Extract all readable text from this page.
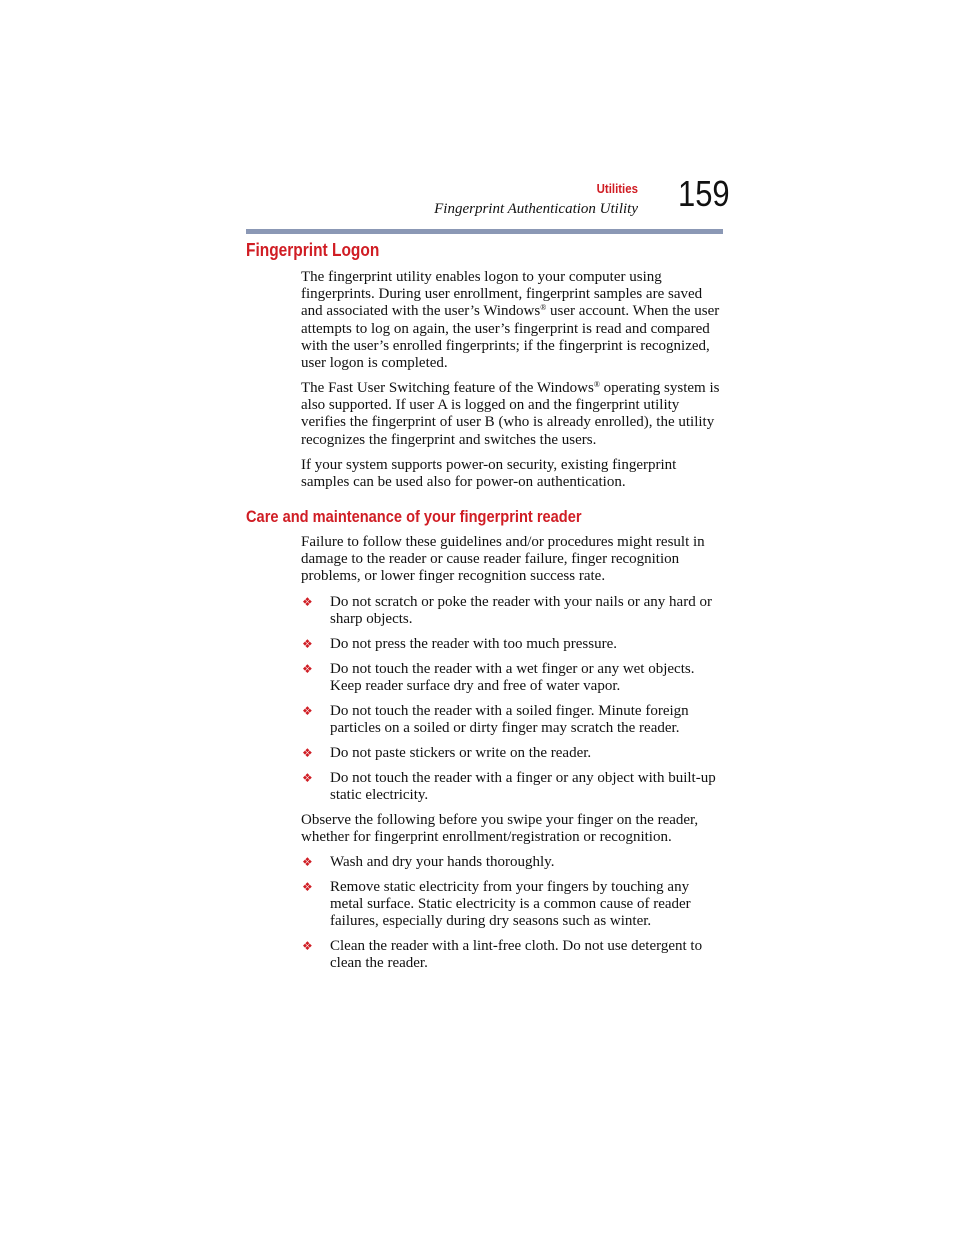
Utilities
Fingerprint Authentication Utility 159
Fingerprint Logon

The fingerprint utility enables logon to your computer using fingerprints. During user enrollment, fingerprint samples are saved and associated with the user’s Windows® user account. When the user attempts to log on again, the user’s fingerprint is read and compared with the user’s enrolled fingerprints; if the fingerprint is recognized, user logon is completed.

The Fast User Switching feature of the Windows® operating system is also supported. If user A is logged on and the fingerprint utility verifies the fingerprint of user B (who is already enrolled), the utility recognizes the fingerprint and switches the users.

If your system supports power-on security, existing fingerprint samples can be used also for power-on authentication.

Care and maintenance of your fingerprint reader

Failure to follow these guidelines and/or procedures might result in damage to the reader or cause reader failure, finger recognition problems, or lower finger recognition success rate.

❖ Do not scratch or poke the reader with your nails or any hard or sharp objects.
❖ Do not press the reader with too much pressure.
❖ Do not touch the reader with a wet finger or any wet objects. Keep reader surface dry and free of water vapor.
❖ Do not touch the reader with a soiled finger. Minute foreign particles on a soiled or dirty finger may scratch the reader.
❖ Do not paste stickers or write on the reader.
❖ Do not touch the reader with a finger or any object with built-up static electricity.

Observe the following before you swipe your finger on the reader, whether for fingerprint enrollment/registration or recognition.

❖ Wash and dry your hands thoroughly.
❖ Remove static electricity from your fingers by touching any metal surface. Static electricity is a common cause of reader failures, especially during dry seasons such as winter.
❖ Clean the reader with a lint-free cloth. Do not use detergent to clean the reader.
